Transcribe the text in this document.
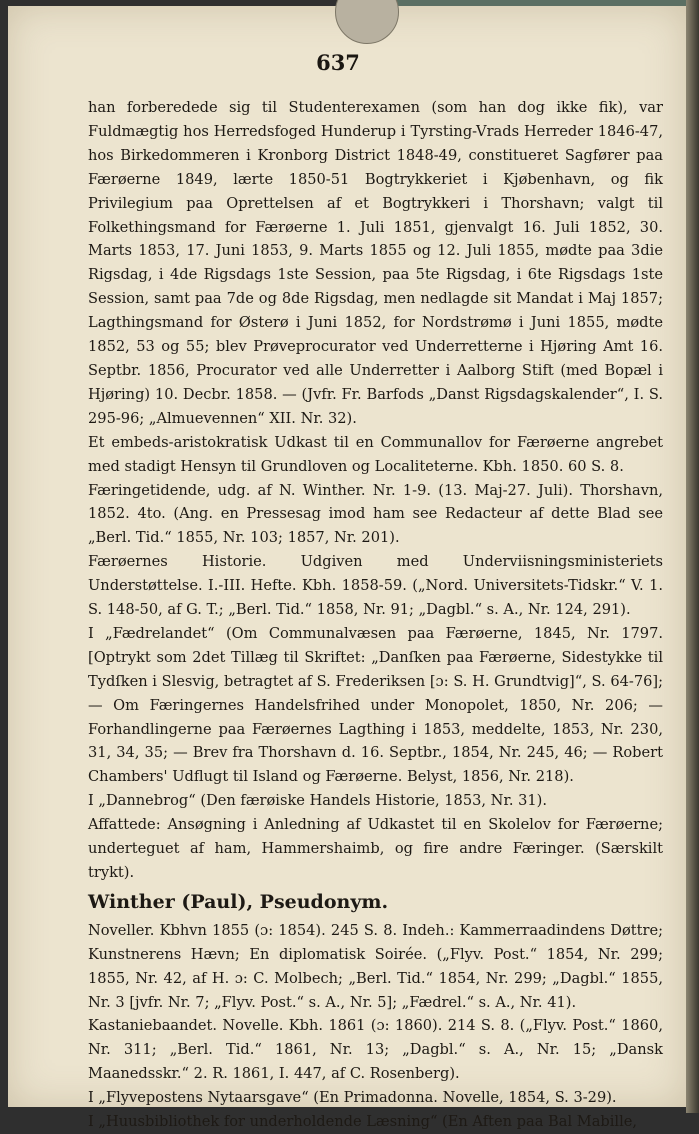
637

han forberedede sig til Studenterexamen (som han dog ikke fik), var Fuldmægtig hos Herredsfoged Hunderup i Tyrsting-Vrads Herreder 1846-47, hos Birkedommeren i Kronborg District 1848-49, constitueret Sagfører paa Færøerne 1849, lærte 1850-51 Bogtrykkeriet i Kjøbenhavn, og fik Privilegium paa Oprettelsen af et Bogtrykkeri i Thorshavn; valgt til Folkethingsmand for Færøerne 1. Juli 1851, gjenvalgt 16. Juli 1852, 30. Marts 1853, 17. Juni 1853, 9. Marts 1855 og 12. Juli 1855, mødte paa 3die Rigsdag, i 4de Rigsdags 1ste Session, paa 5te Rigsdag, i 6te Rigsdags 1ste Session, samt paa 7de og 8de Rigsdag, men nedlagde sit Mandat i Maj 1857; Lagthingsmand for Østerø i Juni 1852, for Nordstrømø i Juni 1855, mødte 1852, 53 og 55; blev Prøveprocurator ved Underretterne i Hjøring Amt 16. Septbr. 1856, Procurator ved alle Underretter i Aalborg Stift (med Bopæl i Hjøring) 10. Decbr. 1858. — (Jvfr. Fr. Barfods „Danst Rigsdagskalender“, I. S. 295-96; „Almuevennen“ XII. Nr. 32).

Et embeds-aristokratisk Udkast til en Communallov for Færøerne angrebet med stadigt Hensyn til Grundloven og Localiteterne. Kbh. 1850. 60 S. 8.

Færingetidende, udg. af N. Winther. Nr. 1-9. (13. Maj-27. Juli). Thorshavn, 1852. 4to. (Ang. en Pressesag imod ham see Redacteur af dette Blad see „Berl. Tid.“ 1855, Nr. 103; 1857, Nr. 201).

Færøernes Historie. Udgiven med Underviisningsministeriets Understøttelse. I.-III. Hefte. Kbh. 1858-59. („Nord. Universitets-Tidskr.“ V. 1. S. 148-50, af G. T.; „Berl. Tid.“ 1858, Nr. 91; „Dagbl.“ s. A., Nr. 124, 291).

I „Fædrelandet“ (Om Communalvæsen paa Færøerne, 1845, Nr. 1797. [Optrykt som 2det Tillæg til Skriftet: „Danſken paa Færøerne, Sidestykke til Tydſken i Slesvig, betragtet af S. Frederiksen [ɔ: S. H. Grundtvig]“, S. 64-76]; — Om Færingernes Handelsfrihed under Monopolet, 1850, Nr. 206; — Forhandlingerne paa Færøernes Lagthing i 1853, meddelte, 1853, Nr. 230, 31, 34, 35; — Brev fra Thorshavn d. 16. Septbr., 1854, Nr. 245, 46; — Robert Chambers' Udflugt til Island og Færøerne. Belyst, 1856, Nr. 218).

I „Dannebrog“ (Den færøiske Handels Historie, 1853, Nr. 31).

Affattede: Ansøgning i Anledning af Udkastet til en Skolelov for Færøerne; underteguet af ham, Hammershaimb, og fire andre Færinger. (Særskilt trykt).

Winther (Paul), Pseudonym.

Noveller. Kbhvn 1855 (ɔ: 1854). 245 S. 8. Indeh.: Kammerraadindens Døttre; Kunstnerens Hævn; En diplomatisk Soirée. („Flyv. Post.“ 1854, Nr. 299; 1855, Nr. 42, af H. ɔ: C. Molbech; „Berl. Tid.“ 1854, Nr. 299; „Dagbl.“ 1855, Nr. 3 [jvfr. Nr. 7; „Flyv. Post.“ s. A., Nr. 5]; „Fædrel.“ s. A., Nr. 41).

Kastaniebaandet. Novelle. Kbh. 1861 (ɔ: 1860). 214 S. 8. („Flyv. Post.“ 1860, Nr. 311; „Berl. Tid.“ 1861, Nr. 13; „Dagbl.“ s. A., Nr. 15; „Dansk Maanedsskr.“ 2. R. 1861, I. 447, af C. Rosenberg).

I „Flyvepostens Nytaarsgave“ (En Primadonna. Novelle, 1854, S. 3-29).

I „Huusbibliothek for underholdende Læsning“ (En Aften paa Bal Mabille,
